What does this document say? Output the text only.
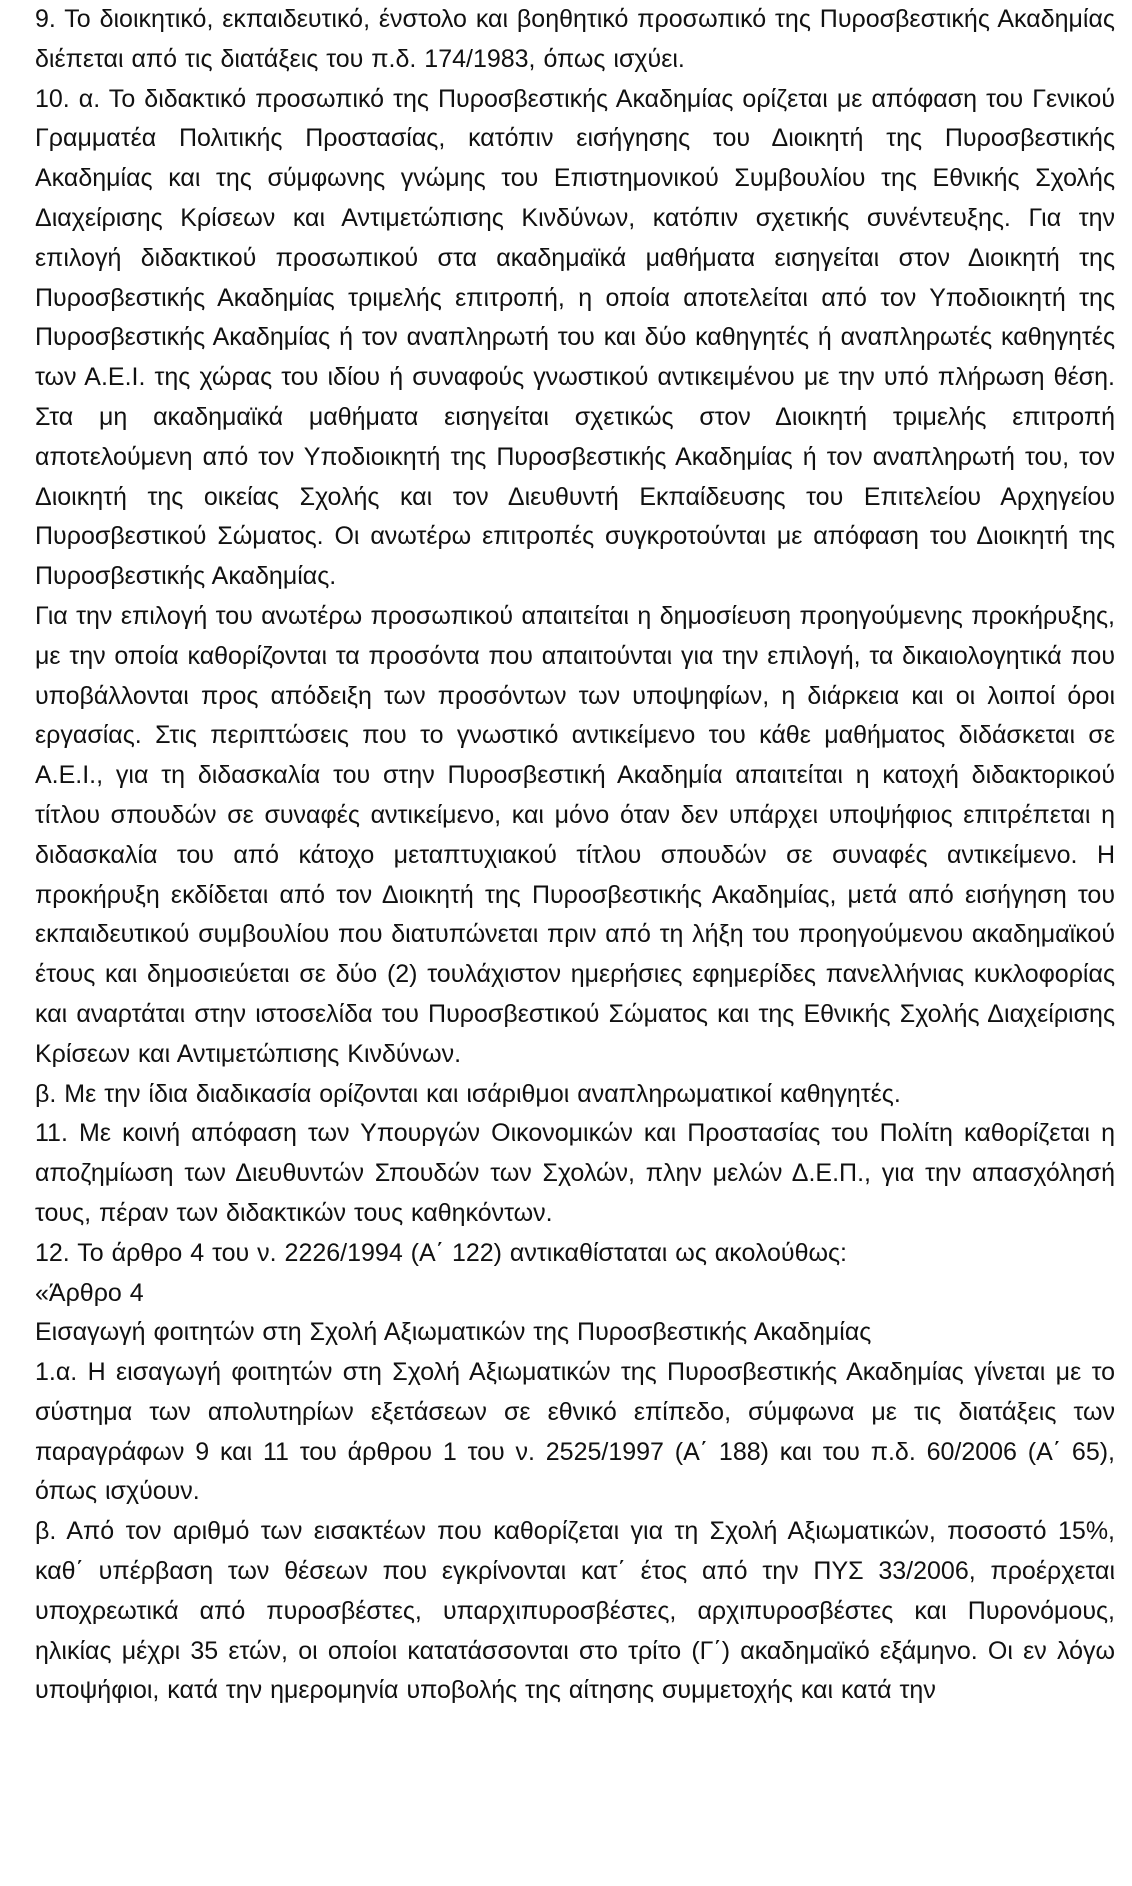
9. Το διοικητικό, εκπαιδευτικό, ένστολο και βοηθητικό προσωπικό της Πυροσβεστικής Ακαδημίας διέπεται από τις διατάξεις του π.δ. 174/1983, όπως ισχύει.

10. α. Το διδακτικό προσωπικό της Πυροσβεστικής Ακαδημίας ορίζεται με απόφαση του Γενικού Γραμματέα Πολιτικής Προστασίας, κατόπιν εισήγησης του Διοικητή της Πυροσβεστικής Ακαδημίας και της σύμφωνης γνώμης του Επιστημονικού Συμβουλίου της Εθνικής Σχολής Διαχείρισης Κρίσεων και Αντιμετώπισης Κινδύνων, κατόπιν σχετικής συνέντευξης. Για την επιλογή διδακτικού προσωπικού στα ακαδημαϊκά μαθήματα εισηγείται στον Διοικητή της Πυροσβεστικής Ακαδημίας τριμελής επιτροπή, η οποία αποτελείται από τον Υποδιοικητή της Πυροσβεστικής Ακαδημίας ή τον αναπληρωτή του και δύο καθηγητές ή αναπληρωτές καθηγητές των Α.Ε.Ι. της χώρας του ιδίου ή συναφούς γνωστικού αντικειμένου με την υπό πλήρωση θέση. Στα μη ακαδημαϊκά μαθήματα εισηγείται σχετικώς στον Διοικητή τριμελής επιτροπή αποτελούμενη από τον Υποδιοικητή της Πυροσβεστικής Ακαδημίας ή τον αναπληρωτή του, τον Διοικητή της οικείας Σχολής και τον Διευθυντή Εκπαίδευσης του Επιτελείου Αρχηγείου Πυροσβεστικού Σώματος. Οι ανωτέρω επιτροπές συγκροτούνται με απόφαση του Διοικητή της Πυροσβεστικής Ακαδημίας.

Για την επιλογή του ανωτέρω προσωπικού απαιτείται η δημοσίευση προηγούμενης προκήρυξης, με την οποία καθορίζονται τα προσόντα που απαιτούνται για την επιλογή, τα δικαιολογητικά που υποβάλλονται προς απόδειξη των προσόντων των υποψηφίων, η διάρκεια και οι λοιποί όροι εργασίας. Στις περιπτώσεις που το γνωστικό αντικείμενο του κάθε μαθήματος διδάσκεται σε Α.Ε.Ι., για τη διδασκαλία του στην Πυροσβεστική Ακαδημία απαιτείται η κατοχή διδακτορικού τίτλου σπουδών σε συναφές αντικείμενο, και μόνο όταν δεν υπάρχει υποψήφιος επιτρέπεται η διδασκαλία του από κάτοχο μεταπτυχιακού τίτλου σπουδών σε συναφές αντικείμενο. Η προκήρυξη εκδίδεται από τον Διοικητή της Πυροσβεστικής Ακαδημίας, μετά από εισήγηση του εκπαιδευτικού συμβουλίου που διατυπώνεται πριν από τη λήξη του προηγούμενου ακαδημαϊκού έτους και δημοσιεύεται σε δύο (2) τουλάχιστον ημερήσιες εφημερίδες πανελλήνιας κυκλοφορίας και αναρτάται στην ιστοσελίδα του Πυροσβεστικού Σώματος και της Εθνικής Σχολής Διαχείρισης Κρίσεων και Αντιμετώπισης Κινδύνων.

β. Με την ίδια διαδικασία ορίζονται και ισάριθμοι αναπληρωματικοί καθηγητές.

11. Με κοινή απόφαση των Υπουργών Οικονομικών και Προστασίας του Πολίτη καθορίζεται η αποζημίωση των Διευθυντών Σπουδών των Σχολών, πλην μελών Δ.Ε.Π., για την απασχόλησή τους, πέραν των διδακτικών τους καθηκόντων.

12. Το άρθρο 4 του ν. 2226/1994 (Α΄ 122) αντικαθίσταται ως ακολούθως:

«Άρθρο 4

Εισαγωγή φοιτητών στη Σχολή Αξιωματικών της Πυροσβεστικής Ακαδημίας

1.α. Η εισαγωγή φοιτητών στη Σχολή Αξιωματικών της Πυροσβεστικής Ακαδημίας γίνεται με το σύστημα των απολυτηρίων εξετάσεων σε εθνικό επίπεδο, σύμφωνα με τις διατάξεις των παραγράφων 9 και 11 του άρθρου 1 του ν. 2525/1997 (Α΄ 188) και του π.δ. 60/2006 (Α΄ 65), όπως ισχύουν.

β. Από τον αριθμό των εισακτέων που καθορίζεται για τη Σχολή Αξιωματικών, ποσοστό 15%, καθ΄ υπέρβαση των θέσεων που εγκρίνονται κατ΄ έτος από την ΠΥΣ 33/2006, προέρχεται υποχρεωτικά από πυροσβέστες, υπαρχιπυροσβέστες, αρχιπυροσβέστες και Πυρονόμους, ηλικίας μέχρι 35 ετών, οι οποίοι κατατάσσονται στο τρίτο (Γ΄) ακαδημαϊκό εξάμηνο. Οι εν λόγω υποψήφιοι, κατά την ημερομηνία υποβολής της αίτησης συμμετοχής και κατά την
